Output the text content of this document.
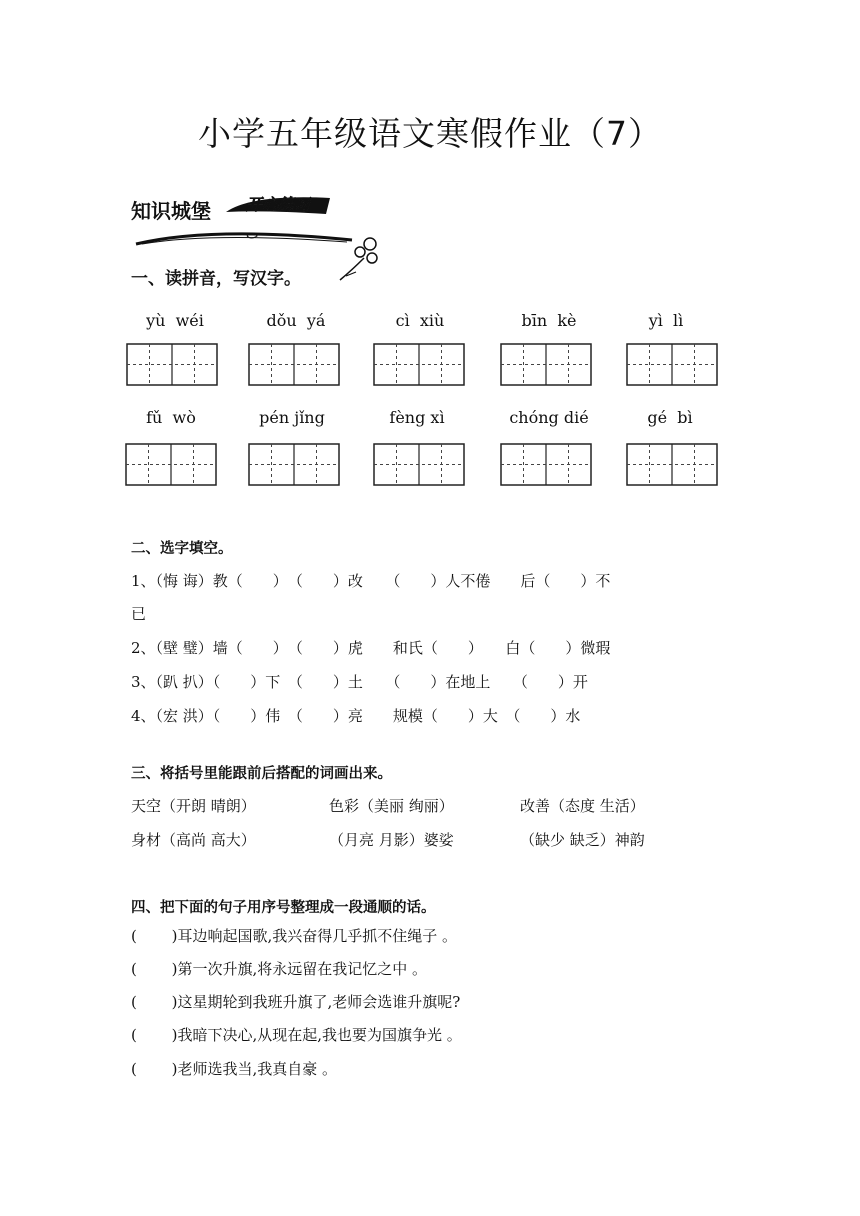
小学五年级语文寒假作业（7）
知识城堡 开心练习
一、读拼音，写汉字。
yù  wéi	dǒu  yá	cì  xiù	bīn  kè	yì  lì
fǔ  wò	pén jǐng	fèng xì	chóng dié	gé  bì
二、选字填空。
1、（悔 诲）教（　　）　（　　）改　　（　　）人不倦　　后（　　）不
已
2、（壁 璧）墙（　　）　（　　）虎　　和氏（　　）　　白（　　）微瑕
3、（趴 扒）（　　）下　（　　）土　　（　　）在地上　　（　　）开
4、（宏 洪）（　　）伟　（　　）亮　　规模（　　）大　（　　）水
三、将括号里能跟前后搭配的词画出来。
天空（开朗 晴朗）	色彩（美丽 绚丽）	改善（态度 生活）
身材（高尚 高大）	（月亮 月影）婆娑	（缺少 缺乏）神韵
四、把下面的句子用序号整理成一段通顺的话。
(　　 )耳边响起国歌,我兴奋得几乎抓不住绳子 。
(　　 )第一次升旗,将永远留在我记忆之中 。
(　　 )这星期轮到我班升旗了,老师会选谁升旗呢?
(　　 )我暗下决心,从现在起,我也要为国旗争光 。
(　　 )老师选我当,我真自豪 。
